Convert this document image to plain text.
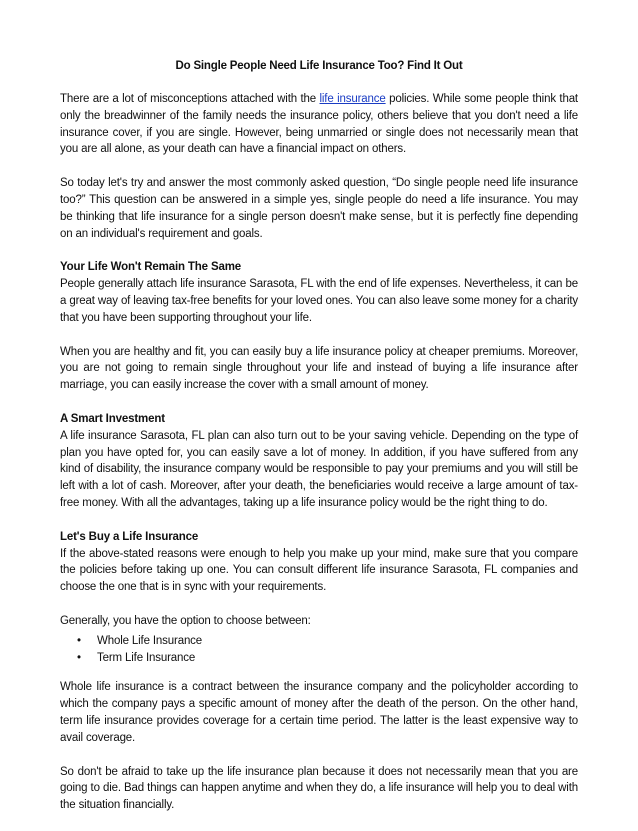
Do Single People Need Life Insurance Too? Find It Out

There are a lot of misconceptions attached with the life insurance policies. While some people think that only the breadwinner of the family needs the insurance policy, others believe that you don't need a life insurance cover, if you are single. However, being unmarried or single does not necessarily mean that you are all alone, as your death can have a financial impact on others.

So today let's try and answer the most commonly asked question, “Do single people need life insurance too?” This question can be answered in a simple yes, single people do need a life insurance. You may be thinking that life insurance for a single person doesn't make sense, but it is perfectly fine depending on an individual's requirement and goals.

Your Life Won't Remain The Same
People generally attach life insurance Sarasota, FL with the end of life expenses. Nevertheless, it can be a great way of leaving tax-free benefits for your loved ones. You can also leave some money for a charity that you have been supporting throughout your life.

When you are healthy and fit, you can easily buy a life insurance policy at cheaper premiums. Moreover, you are not going to remain single throughout your life and instead of buying a life insurance after marriage, you can easily increase the cover with a small amount of money.

A Smart Investment
A life insurance Sarasota, FL plan can also turn out to be your saving vehicle. Depending on the type of plan you have opted for, you can easily save a lot of money. In addition, if you have suffered from any kind of disability, the insurance company would be responsible to pay your premiums and you will still be left with a lot of cash. Moreover, after your death, the beneficiaries would receive a large amount of tax-free money. With all the advantages, taking up a life insurance policy would be the right thing to do.

Let's Buy a Life Insurance
If the above-stated reasons were enough to help you make up your mind, make sure that you compare the policies before taking up one. You can consult different life insurance Sarasota, FL companies and choose the one that is in sync with your requirements.

Generally, you have the option to choose between:

• Whole Life Insurance
• Term Life Insurance

Whole life insurance is a contract between the insurance company and the policyholder according to which the company pays a specific amount of money after the death of the person. On the other hand, term life insurance provides coverage for a certain time period. The latter is the least expensive way to avail coverage.

So don't be afraid to take up the life insurance plan because it does not necessarily mean that you are going to die. Bad things can happen anytime and when they do, a life insurance will help you to deal with the situation financially.
